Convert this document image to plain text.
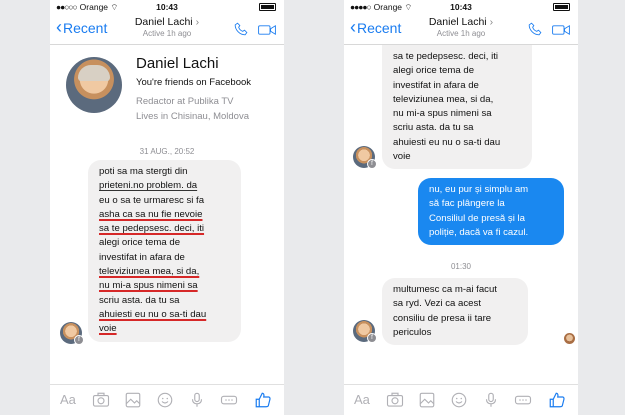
●●○○○ Orange ⌔	10:43
‹Recent	Daniel Lachi ›
Active 1h ago
Daniel Lachi
You're friends on Facebook
Redactor at Publika TV
Lives in Chisinau, Moldova
31 AUG., 20:52
poti sa ma stergti din
prieteni.no problem. da
eu o sa te urmaresc si fa
asha ca sa nu fie nevoie
sa te pedepsesc. deci, iti
alegi orice tema de
investifat in afara de
televiziunea mea, si da,
nu mi-a spus nimeni sa
scriu asta. da tu sa
ahuiesti eu nu o sa-ti dau
voie
f
Aa
●●●●○ Orange ⌔	10:43
‹Recent	Daniel Lachi ›
Active 1h ago
sa te pedepsesc. deci, iti
alegi orice tema de
investifat in afara de
televiziunea mea, si da,
nu mi-a spus nimeni sa
scriu asta. da tu sa
ahuiesti eu nu o sa-ti dau
voie
f
nu, eu pur și simplu am
să fac plângere la
Consiliul de presă și la
poliție, dacă va fi cazul.
01:30
multumesc ca m-ai facut
sa ryd. Vezi ca acest
consiliu de presa ii tare
periculos
f
Aa
